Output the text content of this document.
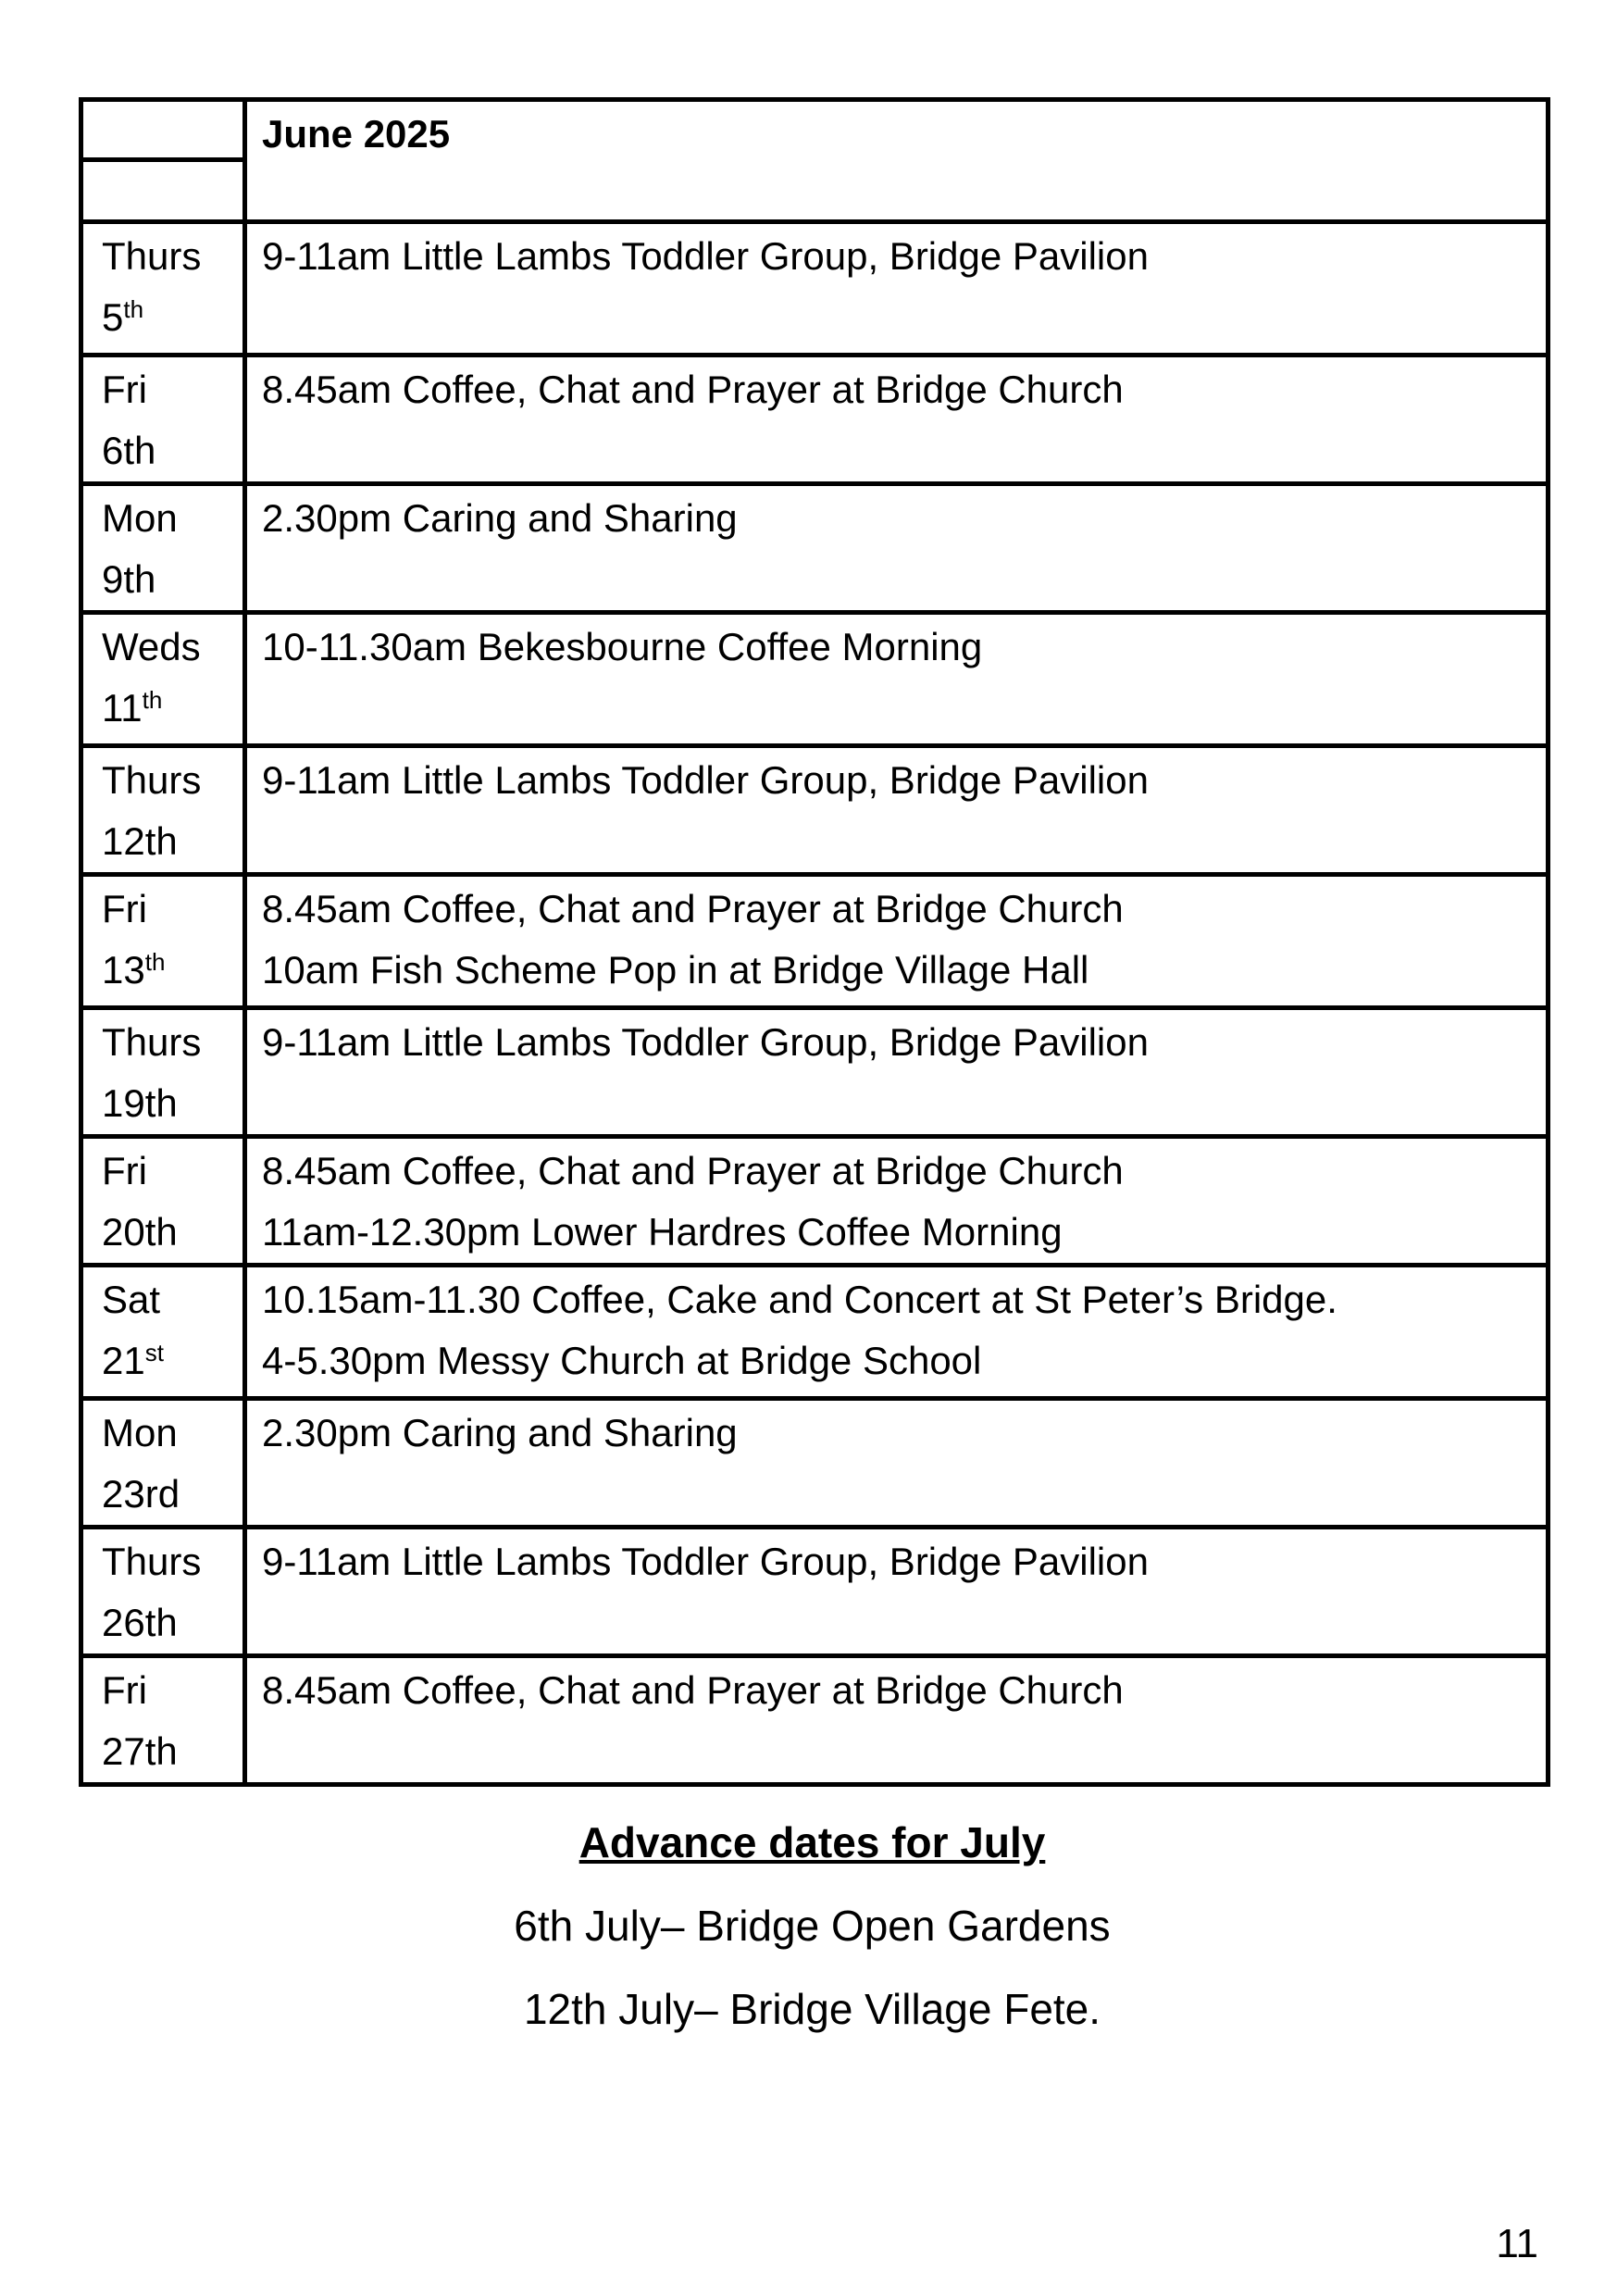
	June 2025

Thurs
5th	9-11am Little Lambs Toddler Group, Bridge Pavilion

Fri
6th	8.45am Coffee, Chat and Prayer at Bridge Church

Mon
9th	2.30pm Caring and Sharing

Weds
11th	10-11.30am Bekesbourne Coffee Morning

Thurs
12th	9-11am Little Lambs Toddler Group, Bridge Pavilion

Fri
13th	8.45am Coffee, Chat and Prayer at Bridge Church
10am Fish Scheme Pop in at Bridge Village Hall

Thurs
19th	9-11am Little Lambs Toddler Group, Bridge Pavilion

Fri
20th	8.45am Coffee, Chat and Prayer at Bridge Church
11am-12.30pm Lower Hardres Coffee Morning

Sat
21st	10.15am-11.30 Coffee, Cake and Concert at St Peter’s Bridge.
4-5.30pm Messy Church at Bridge School

Mon
23rd	2.30pm Caring and Sharing

Thurs
26th	9-11am Little Lambs Toddler Group, Bridge Pavilion

Fri
27th	8.45am Coffee, Chat and Prayer at Bridge Church
Advance dates for July
6th July– Bridge Open Gardens
12th July– Bridge Village Fete.
11
